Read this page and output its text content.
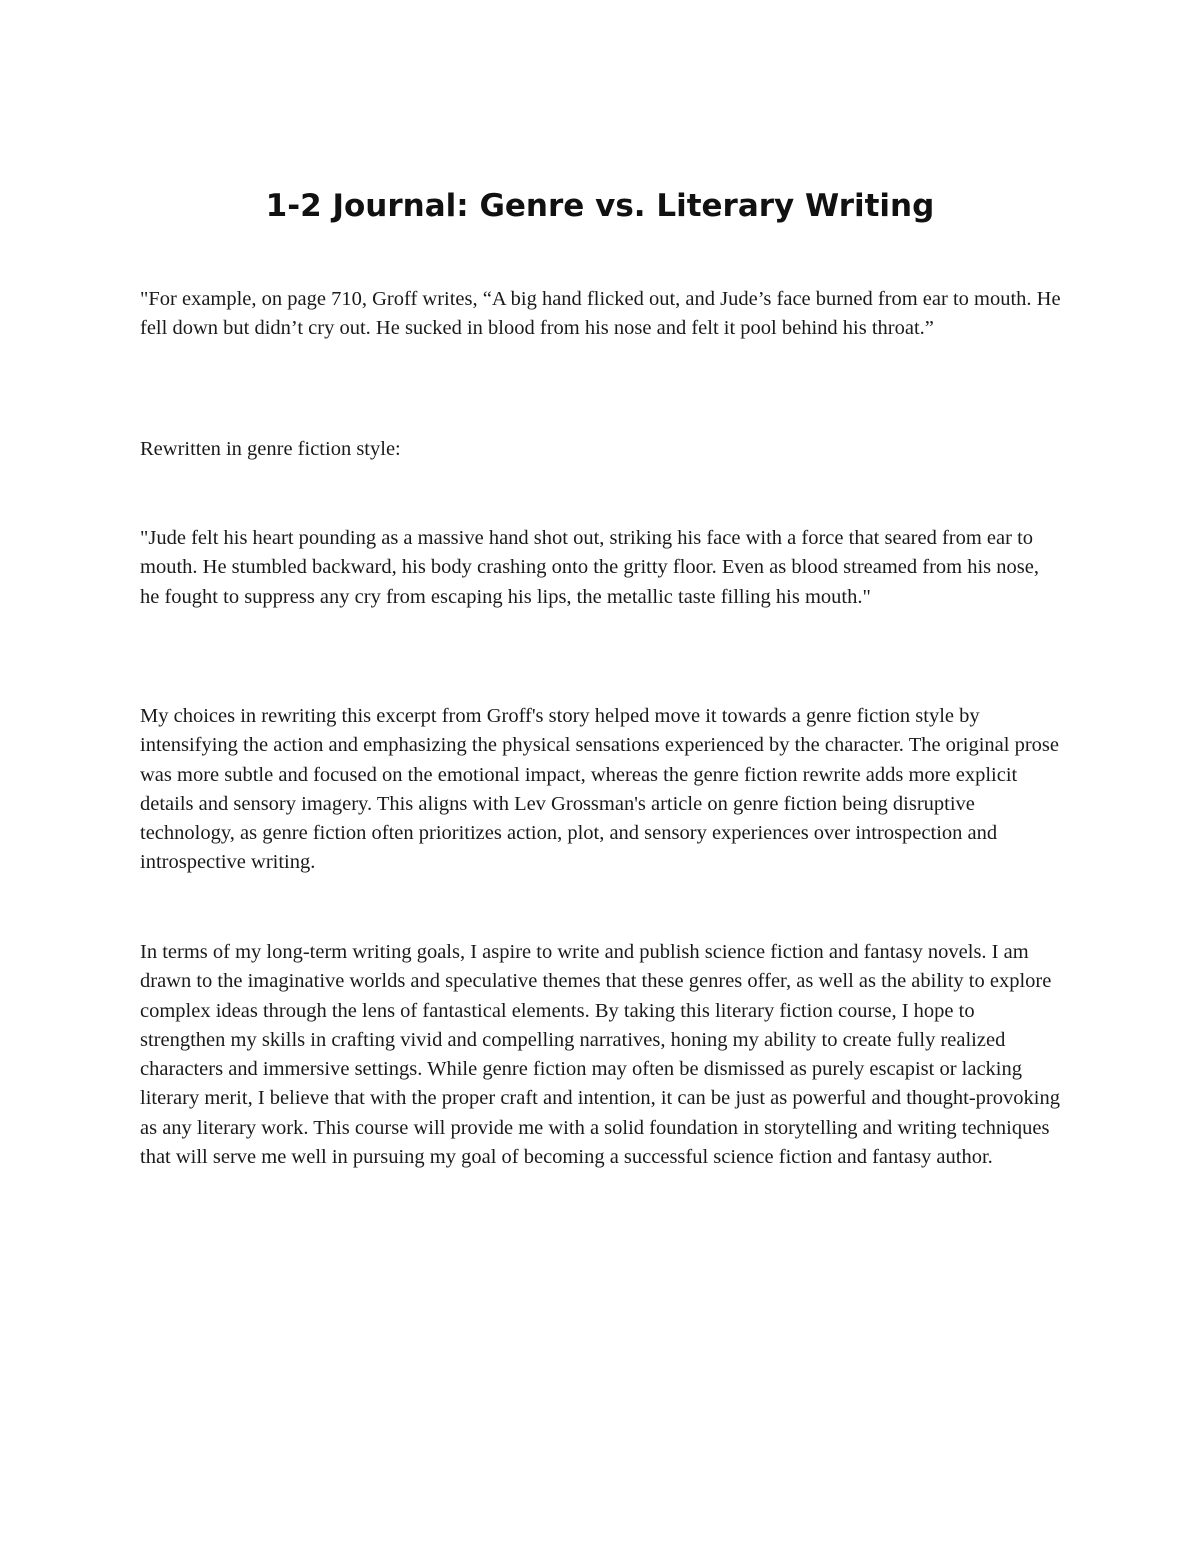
1-2 Journal: Genre vs. Literary Writing

"For example, on page 710, Groff writes, “A big hand flicked out, and Jude’s face burned from ear to mouth. He fell down but didn’t cry out. He sucked in blood from his nose and felt it pool behind his throat.”

Rewritten in genre fiction style:

"Jude felt his heart pounding as a massive hand shot out, striking his face with a force that seared from ear to mouth. He stumbled backward, his body crashing onto the gritty floor. Even as blood streamed from his nose, he fought to suppress any cry from escaping his lips, the metallic taste filling his mouth."

My choices in rewriting this excerpt from Groff's story helped move it towards a genre fiction style by intensifying the action and emphasizing the physical sensations experienced by the character. The original prose was more subtle and focused on the emotional impact, whereas the genre fiction rewrite adds more explicit details and sensory imagery. This aligns with Lev Grossman's article on genre fiction being disruptive technology, as genre fiction often prioritizes action, plot, and sensory experiences over introspection and introspective writing.

In terms of my long-term writing goals, I aspire to write and publish science fiction and fantasy novels. I am drawn to the imaginative worlds and speculative themes that these genres offer, as well as the ability to explore complex ideas through the lens of fantastical elements. By taking this literary fiction course, I hope to strengthen my skills in crafting vivid and compelling narratives, honing my ability to create fully realized characters and immersive settings. While genre fiction may often be dismissed as purely escapist or lacking literary merit, I believe that with the proper craft and intention, it can be just as powerful and thought-provoking as any literary work. This course will provide me with a solid foundation in storytelling and writing techniques that will serve me well in pursuing my goal of becoming a successful science fiction and fantasy author.
